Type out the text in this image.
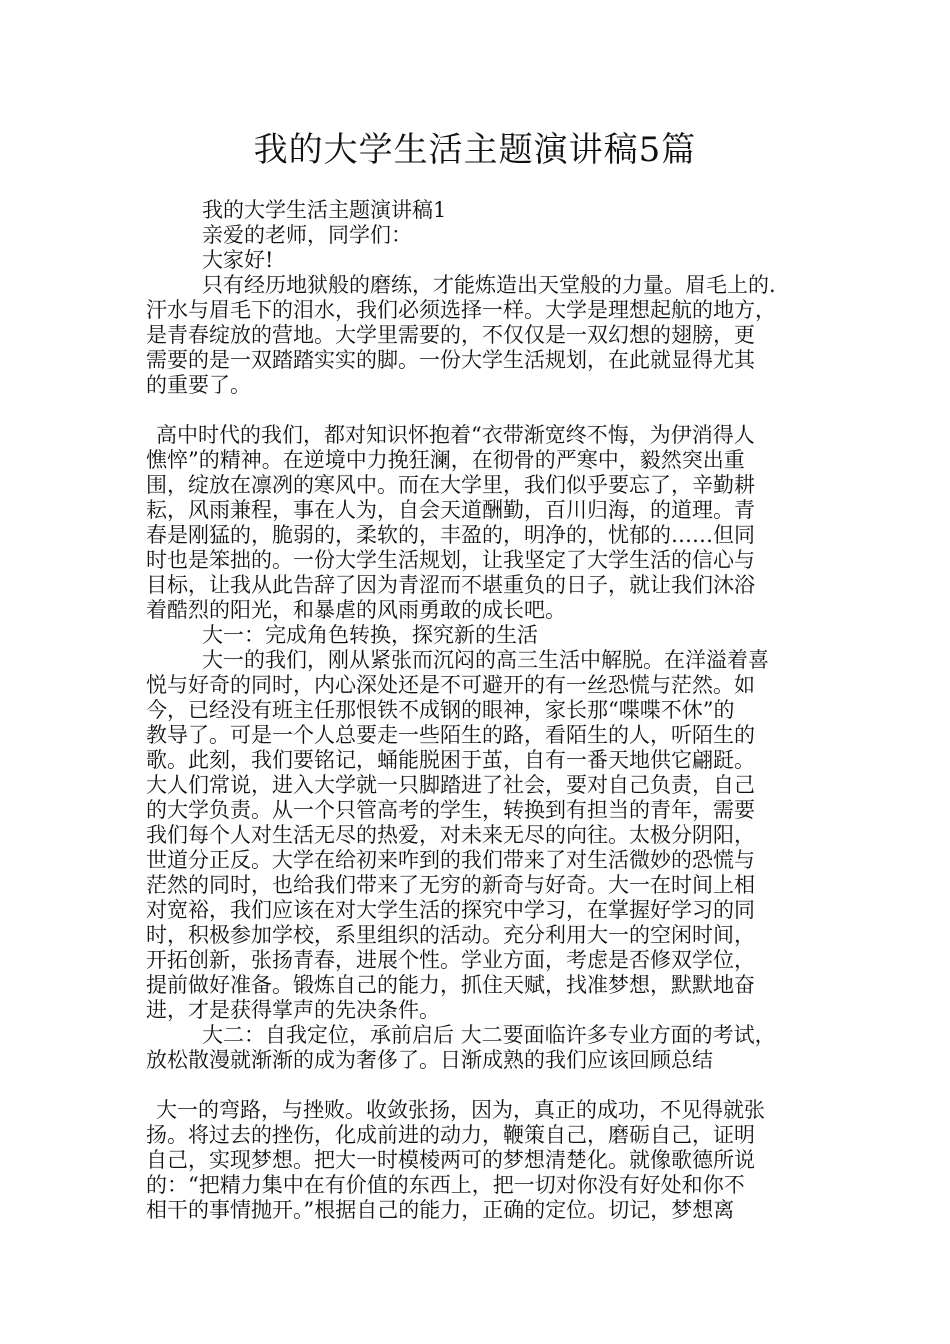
我的大学生活主题演讲稿5篇
我的大学生活主题演讲稿1
亲爱的老师，同学们：
大家好!
只有经历地狱般的磨练，才能炼造出天堂般的力量。眉毛上的.
汗水与眉毛下的泪水，我们必须选择一样。大学是理想起航的地方，
是青春绽放的营地。大学里需要的，不仅仅是一双幻想的翅膀，更
需要的是一双踏踏实实的脚。一份大学生活规划，在此就显得尤其
的重要了。
高中时代的我们，都对知识怀抱着“衣带渐宽终不悔，为伊消得人
憔悴”的精神。在逆境中力挽狂澜，在彻骨的严寒中，毅然突出重
围，绽放在凛冽的寒风中。而在大学里，我们似乎要忘了，辛勤耕
耘，风雨兼程，事在人为，自会天道酬勤，百川归海，的道理。青
春是刚猛的，脆弱的，柔软的，丰盈的，明净的，忧郁的……但同
时也是笨拙的。一份大学生活规划，让我坚定了大学生活的信心与
目标，让我从此告辞了因为青涩而不堪重负的日子，就让我们沐浴
着酷烈的阳光，和暴虐的风雨勇敢的成长吧。
大一：完成角色转换，探究新的生活
大一的我们，刚从紧张而沉闷的高三生活中解脱。在洋溢着喜
悦与好奇的同时，内心深处还是不可避开的有一丝恐慌与茫然。如
今，已经没有班主任那恨铁不成钢的眼神，家长那“喋喋不休”的
教导了。可是一个人总要走一些陌生的路，看陌生的人，听陌生的
歌。此刻，我们要铭记，蛹能脱困于茧，自有一番天地供它翩跹。
大人们常说，进入大学就一只脚踏进了社会，要对自己负责，自己
的大学负责。从一个只管高考的学生，转换到有担当的青年，需要
我们每个人对生活无尽的热爱，对未来无尽的向往。太极分阴阳，
世道分正反。大学在给初来咋到的我们带来了对生活微妙的恐慌与
茫然的同时，也给我们带来了无穷的新奇与好奇。大一在时间上相
对宽裕，我们应该在对大学生活的探究中学习，在掌握好学习的同
时，积极参加学校，系里组织的活动。充分利用大一的空闲时间，
开拓创新，张扬青春，进展个性。学业方面，考虑是否修双学位，
提前做好准备。锻炼自己的能力，抓住天赋，找准梦想，默默地奋
进，才是获得掌声的先决条件。
大二：自我定位，承前启后 大二要面临许多专业方面的考试，
放松散漫就渐渐的成为奢侈了。日渐成熟的我们应该回顾总结
大一的弯路，与挫败。收敛张扬，因为，真正的成功，不见得就张
扬。将过去的挫伤，化成前进的动力，鞭策自己，磨砺自己，证明
自己，实现梦想。把大一时模棱两可的梦想清楚化。就像歌德所说
的：“把精力集中在有价值的东西上，把一切对你没有好处和你不
相干的事情抛开。”根据自己的能力，正确的定位。切记，梦想离
